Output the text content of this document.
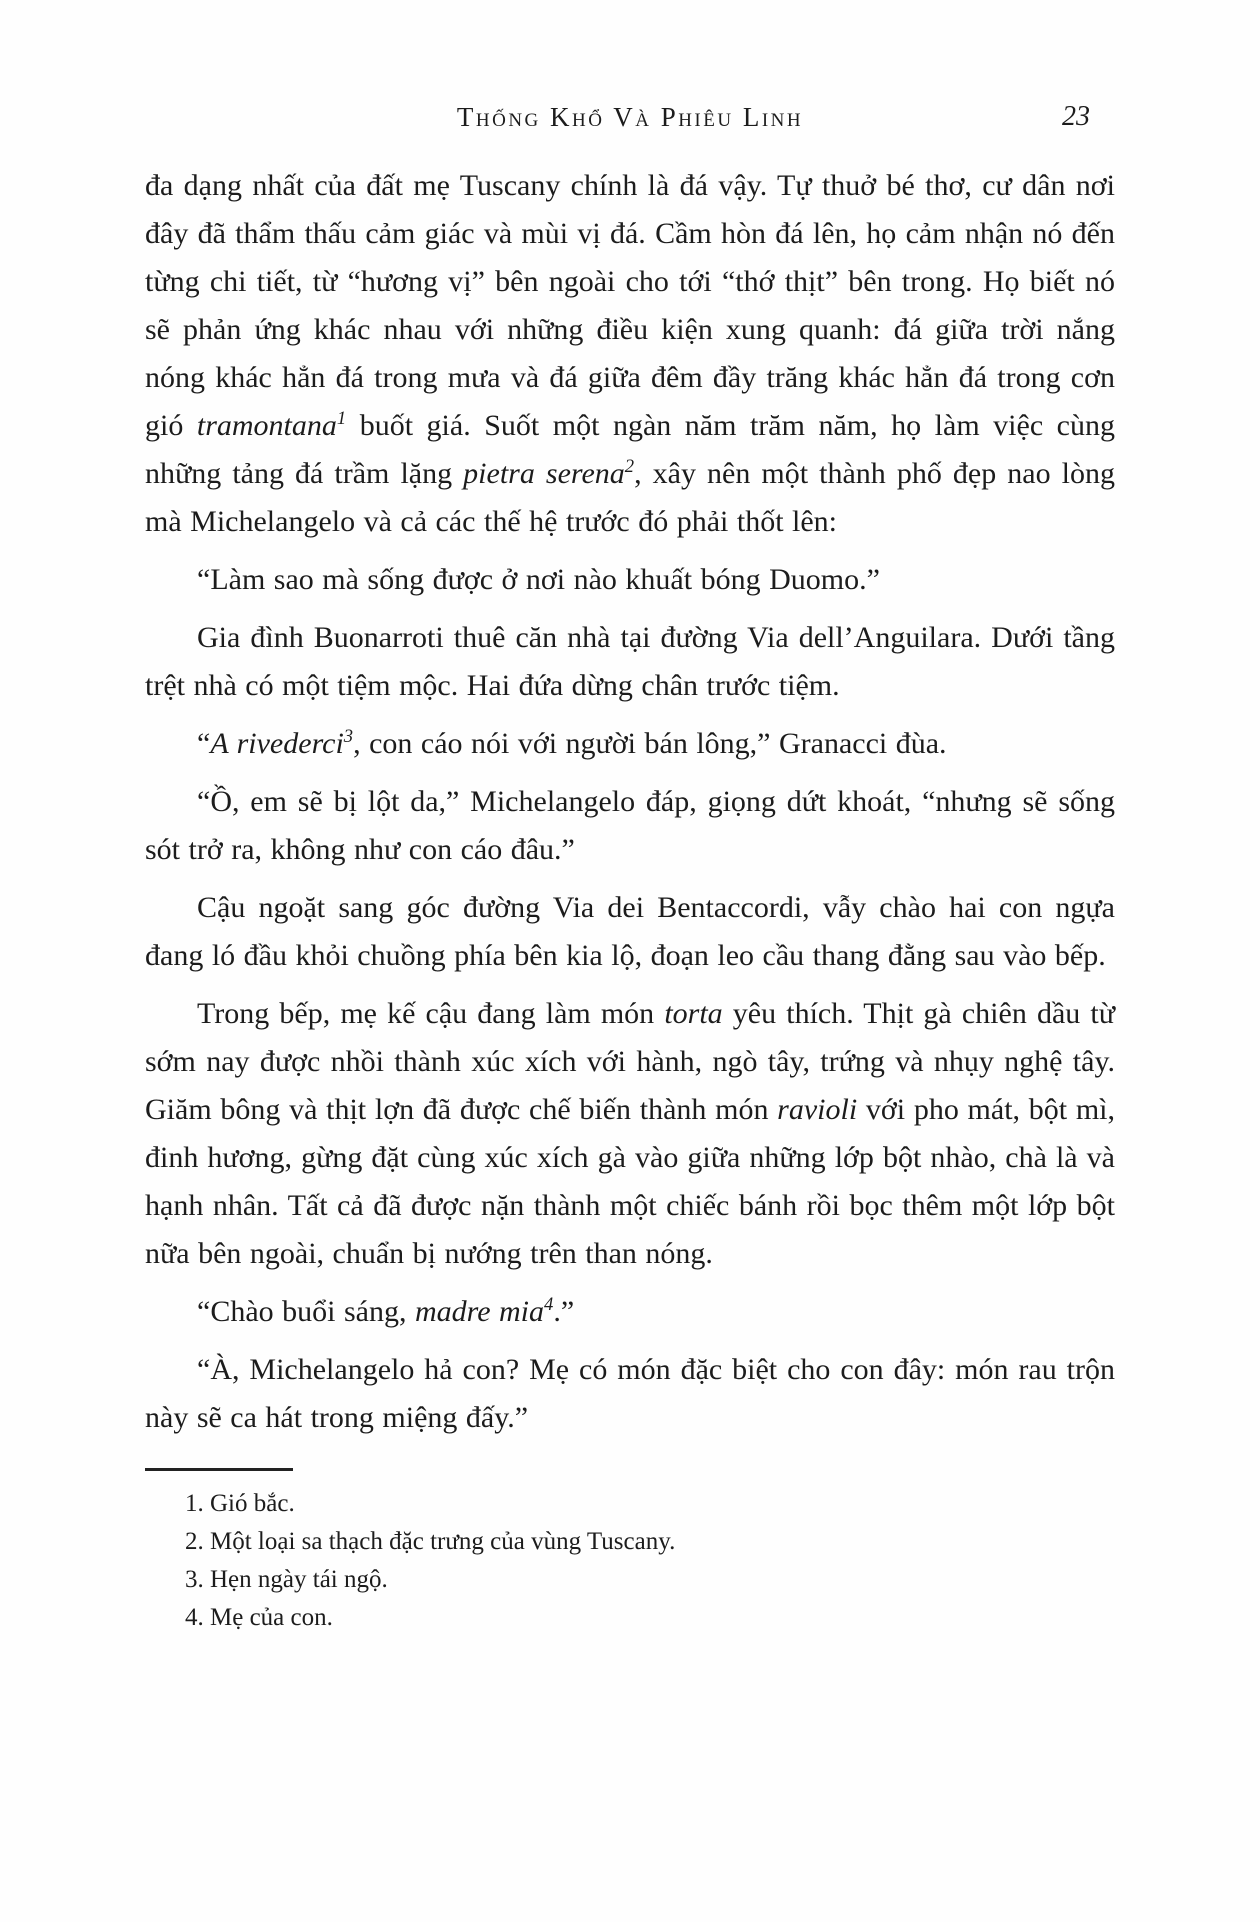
Thống Khổ Và Phiêu Linh	23

đa dạng nhất của đất mẹ Tuscany chính là đá vậy. Tự thuở bé thơ, cư dân nơi đây đã thẩm thấu cảm giác và mùi vị đá. Cầm hòn đá lên, họ cảm nhận nó đến từng chi tiết, từ “hương vị” bên ngoài cho tới “thớ thịt” bên trong. Họ biết nó sẽ phản ứng khác nhau với những điều kiện xung quanh: đá giữa trời nắng nóng khác hẳn đá trong mưa và đá giữa đêm đầy trăng khác hẳn đá trong cơn gió tramontana$^1$ buốt giá. Suốt một ngàn năm trăm năm, họ làm việc cùng những tảng đá trầm lặng pietra serena$^2$, xây nên một thành phố đẹp nao lòng mà Michelangelo và cả các thế hệ trước đó phải thốt lên:

“Làm sao mà sống được ở nơi nào khuất bóng Duomo.”

Gia đình Buonarroti thuê căn nhà tại đường Via dell’Anguilara. Dưới tầng trệt nhà có một tiệm mộc. Hai đứa dừng chân trước tiệm.

“A rivederci$^3$, con cáo nói với người bán lông,” Granacci đùa.

“Ồ, em sẽ bị lột da,” Michelangelo đáp, giọng dứt khoát, “nhưng sẽ sống sót trở ra, không như con cáo đâu.”

Cậu ngoặt sang góc đường Via dei Bentaccordi, vẫy chào hai con ngựa đang ló đầu khỏi chuồng phía bên kia lộ, đoạn leo cầu thang đằng sau vào bếp.

Trong bếp, mẹ kế cậu đang làm món torta yêu thích. Thịt gà chiên dầu từ sớm nay được nhồi thành xúc xích với hành, ngò tây, trứng và nhụy nghệ tây. Giăm bông và thịt lợn đã được chế biến thành món ravioli với pho mát, bột mì, đinh hương, gừng đặt cùng xúc xích gà vào giữa những lớp bột nhào, chà là và hạnh nhân. Tất cả đã được nặn thành một chiếc bánh rồi bọc thêm một lớp bột nữa bên ngoài, chuẩn bị nướng trên than nóng.

“Chào buổi sáng, madre mia$^4$.”

“À, Michelangelo hả con? Mẹ có món đặc biệt cho con đây: món rau trộn này sẽ ca hát trong miệng đấy.”

1. Gió bắc.
2. Một loại sa thạch đặc trưng của vùng Tuscany.
3. Hẹn ngày tái ngộ.
4. Mẹ của con.
